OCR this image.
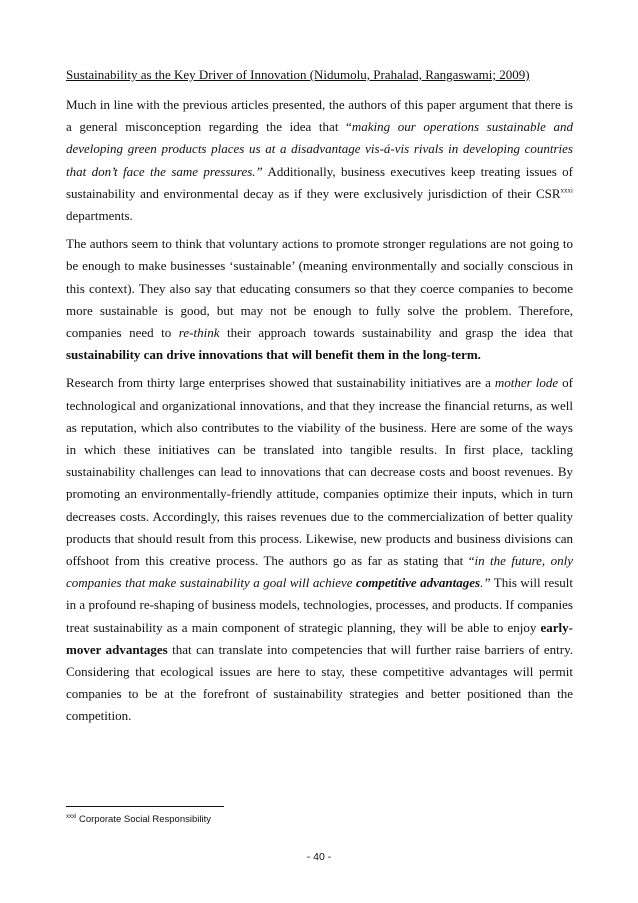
Sustainability as the Key Driver of Innovation (Nidumolu, Prahalad, Rangaswami; 2009)

Much in line with the previous articles presented, the authors of this paper argument that there is a general misconception regarding the idea that “making our operations sustainable and developing green products places us at a disadvantage vis-á-vis rivals in developing countries that don’t face the same pressures.” Additionally, business executives keep treating issues of sustainability and environmental decay as if they were exclusively jurisdiction of their CSR$^{xxxi}$ departments.

The authors seem to think that voluntary actions to promote stronger regulations are not going to be enough to make businesses ‘sustainable’ (meaning environmentally and socially conscious in this context). They also say that educating consumers so that they coerce companies to become more sustainable is good, but may not be enough to fully solve the problem. Therefore, companies need to re-think their approach towards sustainability and grasp the idea that sustainability can drive innovations that will benefit them in the long-term.

Research from thirty large enterprises showed that sustainability initiatives are a mother lode of technological and organizational innovations, and that they increase the financial returns, as well as reputation, which also contributes to the viability of the business. Here are some of the ways in which these initiatives can be translated into tangible results. In first place, tackling sustainability challenges can lead to innovations that can decrease costs and boost revenues. By promoting an environmentally-friendly attitude, companies optimize their inputs, which in turn decreases costs. Accordingly, this raises revenues due to the commercialization of better quality products that should result from this process. Likewise, new products and business divisions can offshoot from this creative process. The authors go as far as stating that “in the future, only companies that make sustainability a goal will achieve competitive advantages.” This will result in a profound re-shaping of business models, technologies, processes, and products. If companies treat sustainability as a main component of strategic planning, they will be able to enjoy early-mover advantages that can translate into competencies that will further raise barriers of entry. Considering that ecological issues are here to stay, these competitive advantages will permit companies to be at the forefront of sustainability strategies and better positioned than the competition.

$^{xxxi}$ Corporate Social Responsibility
- 40 -
